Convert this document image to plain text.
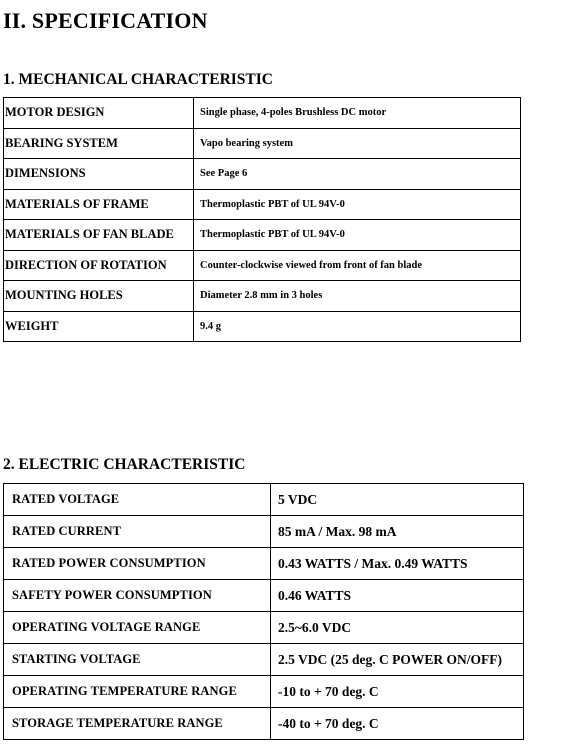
II. SPECIFICATION
1. MECHANICAL CHARACTERISTIC
MOTOR DESIGN	Single phase, 4-poles Brushless DC motor
BEARING SYSTEM	Vapo bearing system
DIMENSIONS	See Page 6
MATERIALS OF FRAME	Thermoplastic PBT of UL 94V-0
MATERIALS OF FAN BLADE	Thermoplastic PBT of UL 94V-0
DIRECTION OF ROTATION	Counter-clockwise viewed from front of fan blade
MOUNTING HOLES	Diameter 2.8 mm in 3 holes
WEIGHT	9.4 g
2. ELECTRIC CHARACTERISTIC
RATED VOLTAGE	5 VDC
RATED CURRENT	85 mA / Max. 98 mA
RATED POWER CONSUMPTION	0.43 WATTS / Max. 0.49 WATTS
SAFETY POWER CONSUMPTION	0.46 WATTS
OPERATING VOLTAGE RANGE	2.5~6.0 VDC
STARTING VOLTAGE	2.5 VDC (25 deg. C POWER ON/OFF)
OPERATING TEMPERATURE RANGE	-10 to + 70 deg. C
STORAGE TEMPERATURE RANGE	-40 to + 70 deg. C
